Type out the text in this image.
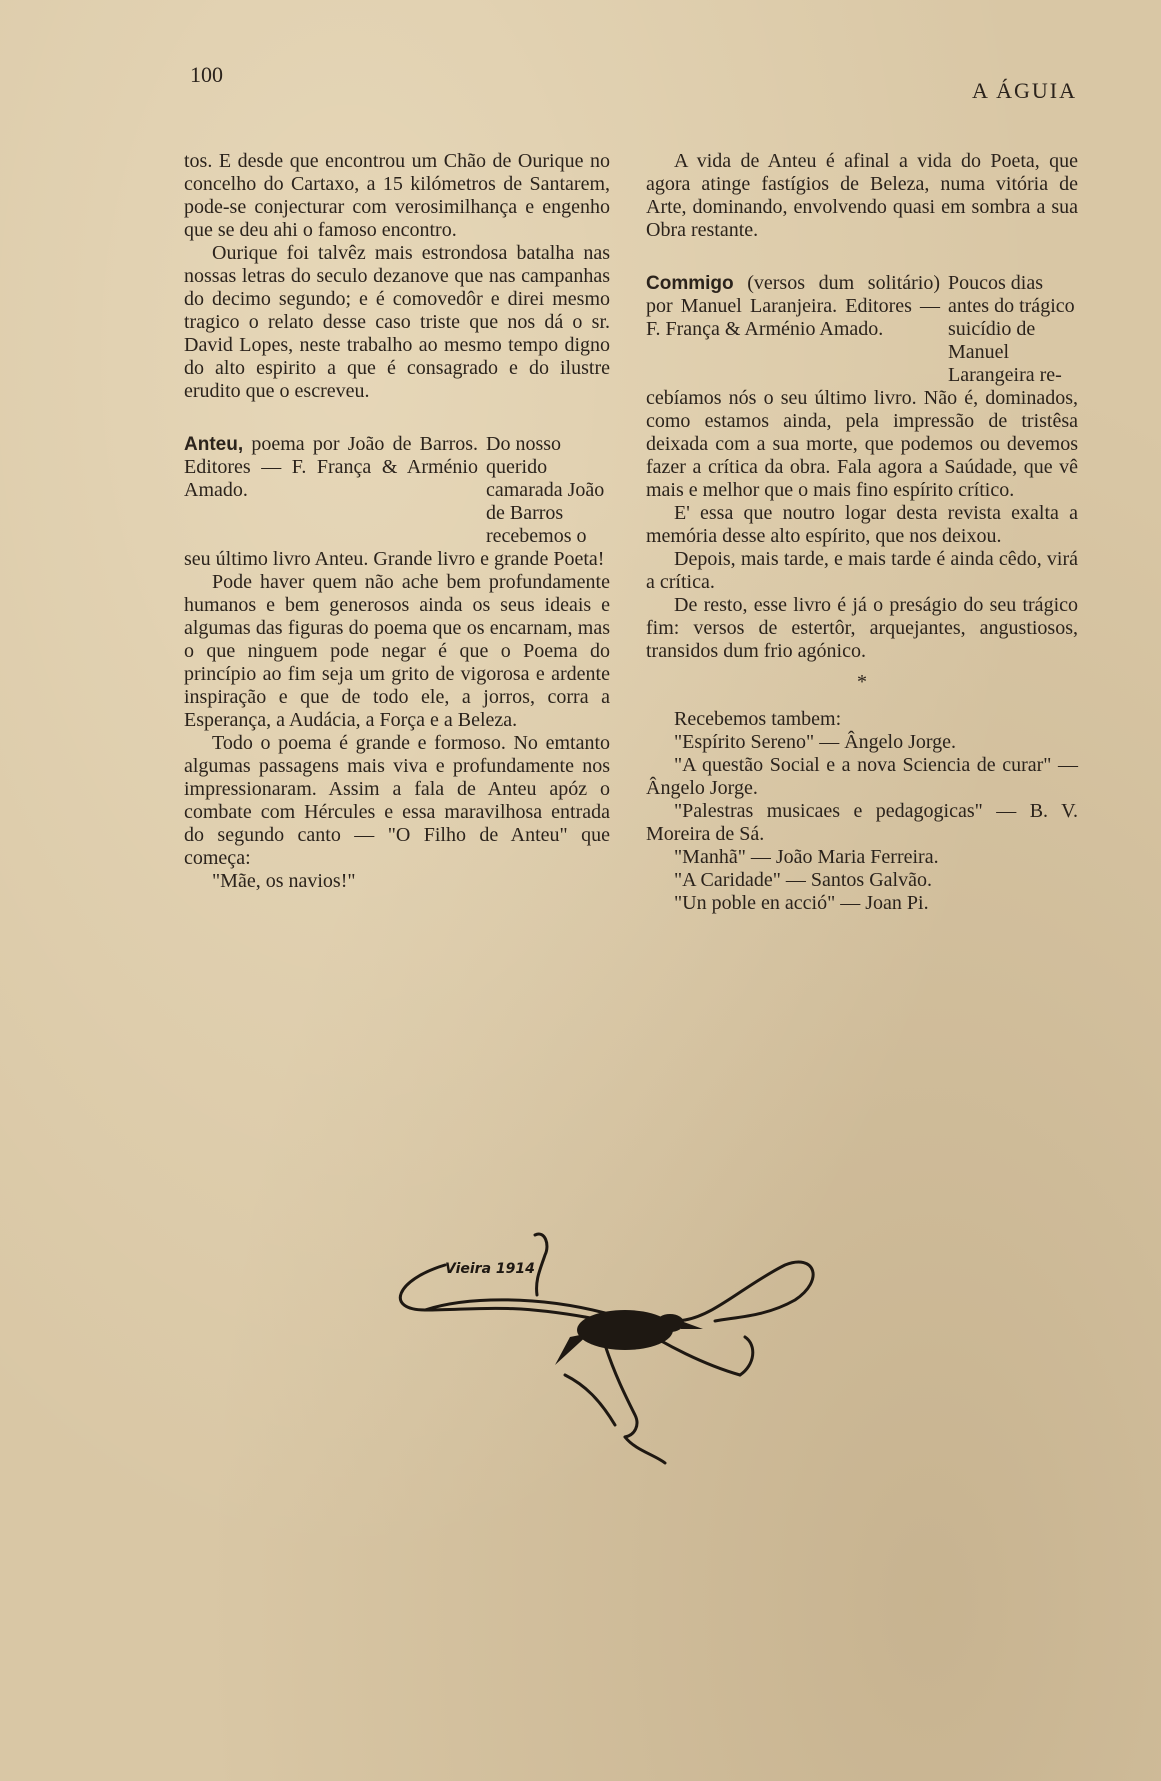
100
A ÁGUIA

tos. E desde que encontrou um Chão de Ourique no concelho do Cartaxo, a 15 kilómetros de Santarem, pode-se conjecturar com verosimilhança e engenho que se deu ahi o famoso encontro.

Ourique foi talvêz mais estrondosa batalha nas nossas letras do seculo dezanove que nas campanhas do decimo segundo; e é comovedôr e direi mesmo tragico o relato desse caso triste que nos dá o sr. David Lopes, neste trabalho ao mesmo tempo digno do alto espirito a que é consagrado e do ilustre erudito que o escreveu.

Do nosso querido camarada João de Barros recebemos o

Anteu, poema por João de Barros. Editores — F. França & Arménio Amado.

seu último livro Anteu. Grande livro e grande Poeta!

Pode haver quem não ache bem profundamente humanos e bem generosos ainda os seus ideais e algumas das figuras do poema que os encarnam, mas o que ninguem pode negar é que o Poema do princípio ao fim seja um grito de vigorosa e ardente inspiração e que de todo ele, a jorros, corra a Esperança, a Audácia, a Força e a Beleza.

Todo o poema é grande e formoso. No emtanto algumas passagens mais viva e profundamente nos impressionaram. Assim a fala de Anteu apóz o combate com Hércules e essa maravilhosa entrada do segundo canto — "O Filho de Anteu" que começa:

"Mãe, os navios!"

A vida de Anteu é afinal a vida do Poeta, que agora atinge fastígios de Beleza, numa vitória de Arte, dominando, envolvendo quasi em sombra a sua Obra restante.

Poucos dias antes do trágico suicídio de Manuel Larangeira re-

Commigo (versos dum solitário) por Manuel Laranjeira. Editores — F. França & Arménio Amado.

cebíamos nós o seu último livro. Não é, dominados, como estamos ainda, pela impressão de tristêsa deixada com a sua morte, que podemos ou devemos fazer a crítica da obra. Fala agora a Saúdade, que vê mais e melhor que o mais fino espírito crítico.

E' essa que noutro logar desta revista exalta a memória desse alto espírito, que nos deixou.

Depois, mais tarde, e mais tarde é ainda cêdo, virá a crítica.

De resto, esse livro é já o preságio do seu trágico fim: versos de estertôr, arquejantes, angustiosos, transidos dum frio agónico.

*

Recebemos tambem:

"Espírito Sereno" — Ângelo Jorge.

"A questão Social e a nova Sciencia de curar" — Ângelo Jorge.

"Palestras musicaes e pedagogicas" — B. V. Moreira de Sá.

"Manhã" — João Maria Ferreira.

"A Caridade" — Santos Galvão.

"Un poble en acció" — Joan Pi.

Vieira 1914
